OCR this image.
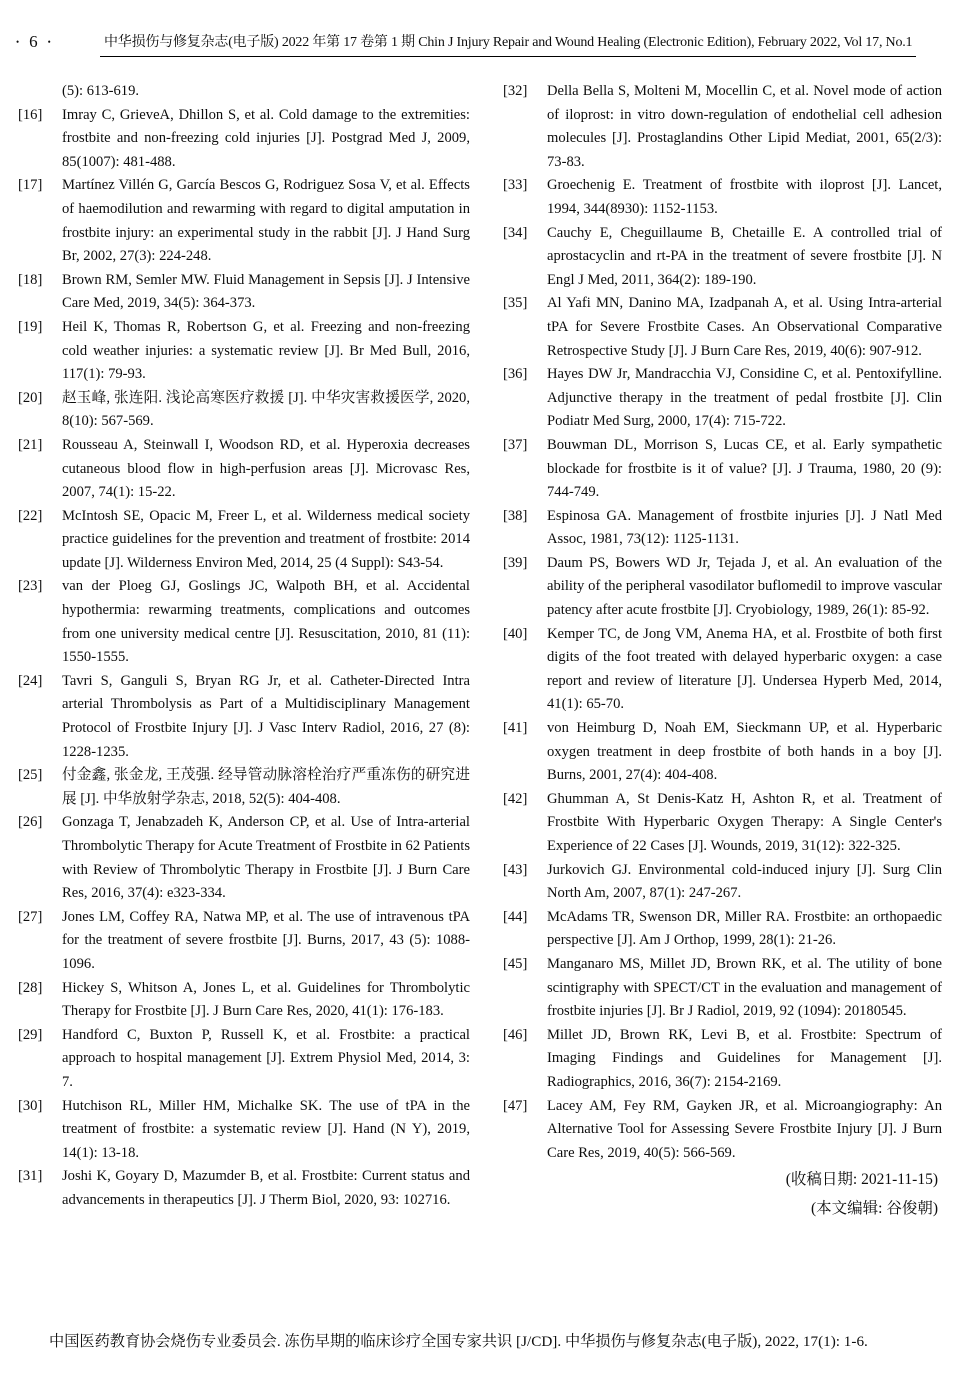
• 6 •	中华损伤与修复杂志(电子版) 2022 年第 17 卷第 1 期 Chin J Injury Repair and Wound Healing (Electronic Edition), February 2022, Vol 17, No.1
(5): 613-619.
[16] Imray C, GrieveA, Dhillon S, et al. Cold damage to the extremities: frostbite and non-freezing cold injuries [J]. Postgrad Med J, 2009, 85(1007): 481-488.
[17] Martínez Villén G, García Bescos G, Rodriguez Sosa V, et al. Effects of haemodilution and rewarming with regard to digital amputation in frostbite injury: an experimental study in the rabbit [J]. J Hand Surg Br, 2002, 27(3): 224-248.
[18] Brown RM, Semler MW. Fluid Management in Sepsis [J]. J Intensive Care Med, 2019, 34(5): 364-373.
[19] Heil K, Thomas R, Robertson G, et al. Freezing and non-freezing cold weather injuries: a systematic review [J]. Br Med Bull, 2016, 117(1): 79-93.
[20] 赵玉峰, 张连阳. 浅论高寒医疗救援 [J]. 中华灾害救援医学, 2020, 8(10): 567-569.
[21] Rousseau A, Steinwall I, Woodson RD, et al. Hyperoxia decreases cutaneous blood flow in high-perfusion areas [J]. Microvasc Res, 2007, 74(1): 15-22.
[22] McIntosh SE, Opacic M, Freer L, et al. Wilderness medical society practice guidelines for the prevention and treatment of frostbite: 2014 update [J]. Wilderness Environ Med, 2014, 25 (4 Suppl): S43-54.
[23] van der Ploeg GJ, Goslings JC, Walpoth BH, et al. Accidental hypothermia: rewarming treatments, complications and outcomes from one university medical centre [J]. Resuscitation, 2010, 81 (11): 1550-1555.
[24] Tavri S, Ganguli S, Bryan RG Jr, et al. Catheter-Directed Intra arterial Thrombolysis as Part of a Multidisciplinary Management Protocol of Frostbite Injury [J]. J Vasc Interv Radiol, 2016, 27 (8): 1228-1235.
[25] 付金鑫, 张金龙, 王茂强. 经导管动脉溶栓治疗严重冻伤的研究进展 [J]. 中华放射学杂志, 2018, 52(5): 404-408.
[26] Gonzaga T, Jenabzadeh K, Anderson CP, et al. Use of Intra-arterial Thrombolytic Therapy for Acute Treatment of Frostbite in 62 Patients with Review of Thrombolytic Therapy in Frostbite [J]. J Burn Care Res, 2016, 37(4): e323-334.
[27] Jones LM, Coffey RA, Natwa MP, et al. The use of intravenous tPA for the treatment of severe frostbite [J]. Burns, 2017, 43 (5): 1088-1096.
[28] Hickey S, Whitson A, Jones L, et al. Guidelines for Thrombolytic Therapy for Frostbite [J]. J Burn Care Res, 2020, 41(1): 176-183.
[29] Handford C, Buxton P, Russell K, et al. Frostbite: a practical approach to hospital management [J]. Extrem Physiol Med, 2014, 3: 7.
[30] Hutchison RL, Miller HM, Michalke SK. The use of tPA in the treatment of frostbite: a systematic review [J]. Hand (N Y), 2019, 14(1): 13-18.
[31] Joshi K, Goyary D, Mazumder B, et al. Frostbite: Current status and advancements in therapeutics [J]. J Therm Biol, 2020, 93: 102716.
[32] Della Bella S, Molteni M, Mocellin C, et al. Novel mode of action of iloprost: in vitro down-regulation of endothelial cell adhesion molecules [J]. Prostaglandins Other Lipid Mediat, 2001, 65(2/3): 73-83.
[33] Groechenig E. Treatment of frostbite with iloprost [J]. Lancet, 1994, 344(8930): 1152-1153.
[34] Cauchy E, Cheguillaume B, Chetaille E. A controlled trial of aprostacyclin and rt-PA in the treatment of severe frostbite [J]. N Engl J Med, 2011, 364(2): 189-190.
[35] Al Yafi MN, Danino MA, Izadpanah A, et al. Using Intra-arterial tPA for Severe Frostbite Cases. An Observational Comparative Retrospective Study [J]. J Burn Care Res, 2019, 40(6): 907-912.
[36] Hayes DW Jr, Mandracchia VJ, Considine C, et al. Pentoxifylline. Adjunctive therapy in the treatment of pedal frostbite [J]. Clin Podiatr Med Surg, 2000, 17(4): 715-722.
[37] Bouwman DL, Morrison S, Lucas CE, et al. Early sympathetic blockade for frostbite is it of value? [J]. J Trauma, 1980, 20 (9): 744-749.
[38] Espinosa GA. Management of frostbite injuries [J]. J Natl Med Assoc, 1981, 73(12): 1125-1131.
[39] Daum PS, Bowers WD Jr, Tejada J, et al. An evaluation of the ability of the peripheral vasodilator buflomedil to improve vascular patency after acute frostbite [J]. Cryobiology, 1989, 26(1): 85-92.
[40] Kemper TC, de Jong VM, Anema HA, et al. Frostbite of both first digits of the foot treated with delayed hyperbaric oxygen: a case report and review of literature [J]. Undersea Hyperb Med, 2014, 41(1): 65-70.
[41] von Heimburg D, Noah EM, Sieckmann UP, et al. Hyperbaric oxygen treatment in deep frostbite of both hands in a boy [J]. Burns, 2001, 27(4): 404-408.
[42] Ghumman A, St Denis-Katz H, Ashton R, et al. Treatment of Frostbite With Hyperbaric Oxygen Therapy: A Single Center's Experience of 22 Cases [J]. Wounds, 2019, 31(12): 322-325.
[43] Jurkovich GJ. Environmental cold-induced injury [J]. Surg Clin North Am, 2007, 87(1): 247-267.
[44] McAdams TR, Swenson DR, Miller RA. Frostbite: an orthopaedic perspective [J]. Am J Orthop, 1999, 28(1): 21-26.
[45] Manganaro MS, Millet JD, Brown RK, et al. The utility of bone scintigraphy with SPECT/CT in the evaluation and management of frostbite injuries [J]. Br J Radiol, 2019, 92 (1094): 20180545.
[46] Millet JD, Brown RK, Levi B, et al. Frostbite: Spectrum of Imaging Findings and Guidelines for Management [J]. Radiographics, 2016, 36(7): 2154-2169.
[47] Lacey AM, Fey RM, Gayken JR, et al. Microangiography: An Alternative Tool for Assessing Severe Frostbite Injury [J]. J Burn Care Res, 2019, 40(5): 566-569.
(收稿日期: 2021-11-15)
(本文编辑: 谷俊朝)

中国医药教育协会烧伤专业委员会. 冻伤早期的临床诊疗全国专家共识 [J/CD]. 中华损伤与修复杂志(电子版), 2022, 17(1): 1-6.
